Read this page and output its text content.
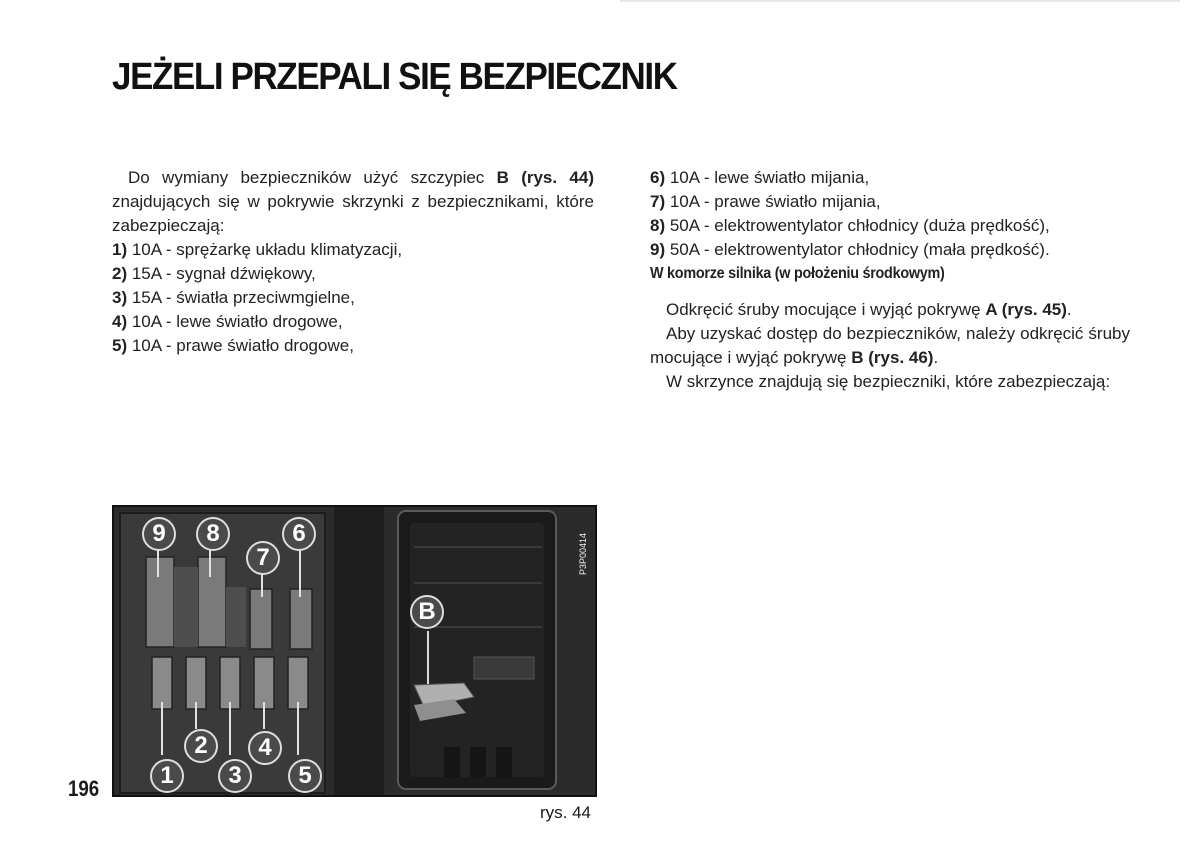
JEŻELI PRZEPALI SIĘ BEZPIECZNIK

Do wymiany bezpieczników użyć szczypiec B (rys. 44) znajdujących się w pokrywie skrzynki z bezpiecznikami, które zabezpieczają:

1) 10A - sprężarkę układu klimatyzacji,

2) 15A - sygnał dźwiękowy,

3) 15A - światła przeciwmgielne,

4) 10A - lewe światło drogowe,

5) 10A - prawe światło drogowe,

6) 10A - lewe światło mijania,

7) 10A - prawe światło mijania,

8) 50A - elektrowentylator chłodnicy (duża prędkość),

9) 50A - elektrowentylator chłodnicy (mała prędkość).

W komorze silnika (w położeniu środkowym)

Odkręcić śruby mocujące i wyjąć pokrywę A (rys. 45).

Aby uzyskać dostęp do bezpieczników, należy odkręcić śruby mocujące i wyjąć pokrywę B (rys. 46).

W skrzynce znajdują się bezpieczniki, które zabezpieczają:

9	8
7
6
2	4
1	3	5
B
P3P00414
rys. 44
196
